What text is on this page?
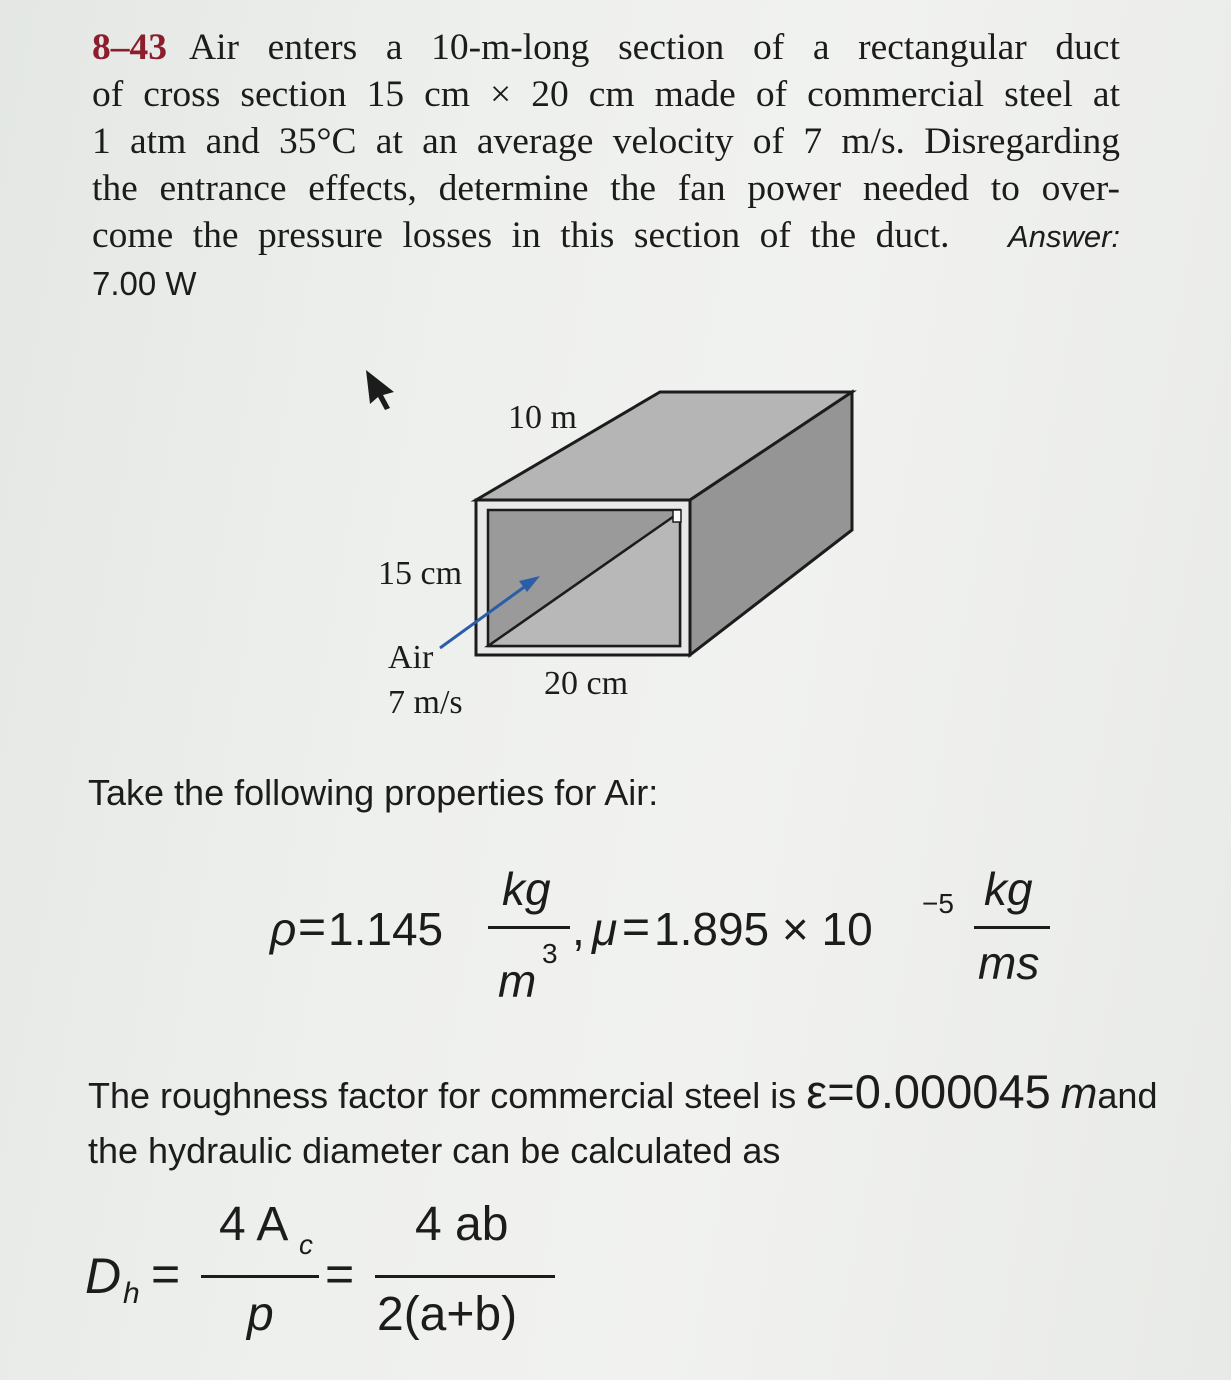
8–43 Air enters a 10-m-long section of a rectangular duct
of cross section 15 cm × 20 cm made of commercial steel at
1 atm and 35°C at an average velocity of 7 m/s. Disregarding
the entrance effects, determine the fan power needed to over-
come the pressure losses in this section of the duct. Answer:
7.00 W
10 m
15 cm
Air
7 m/s
20 cm
Take the following properties for Air:
ρ = 1.145
kg
m
3 , μ = 1.895 × 10 −5 kg
ms
The roughness factor for commercial steel is ε=0.000045 mand
the hydraulic diameter can be calculated as
D h =
4 A c
p
=
4 ab
2(a+b)
